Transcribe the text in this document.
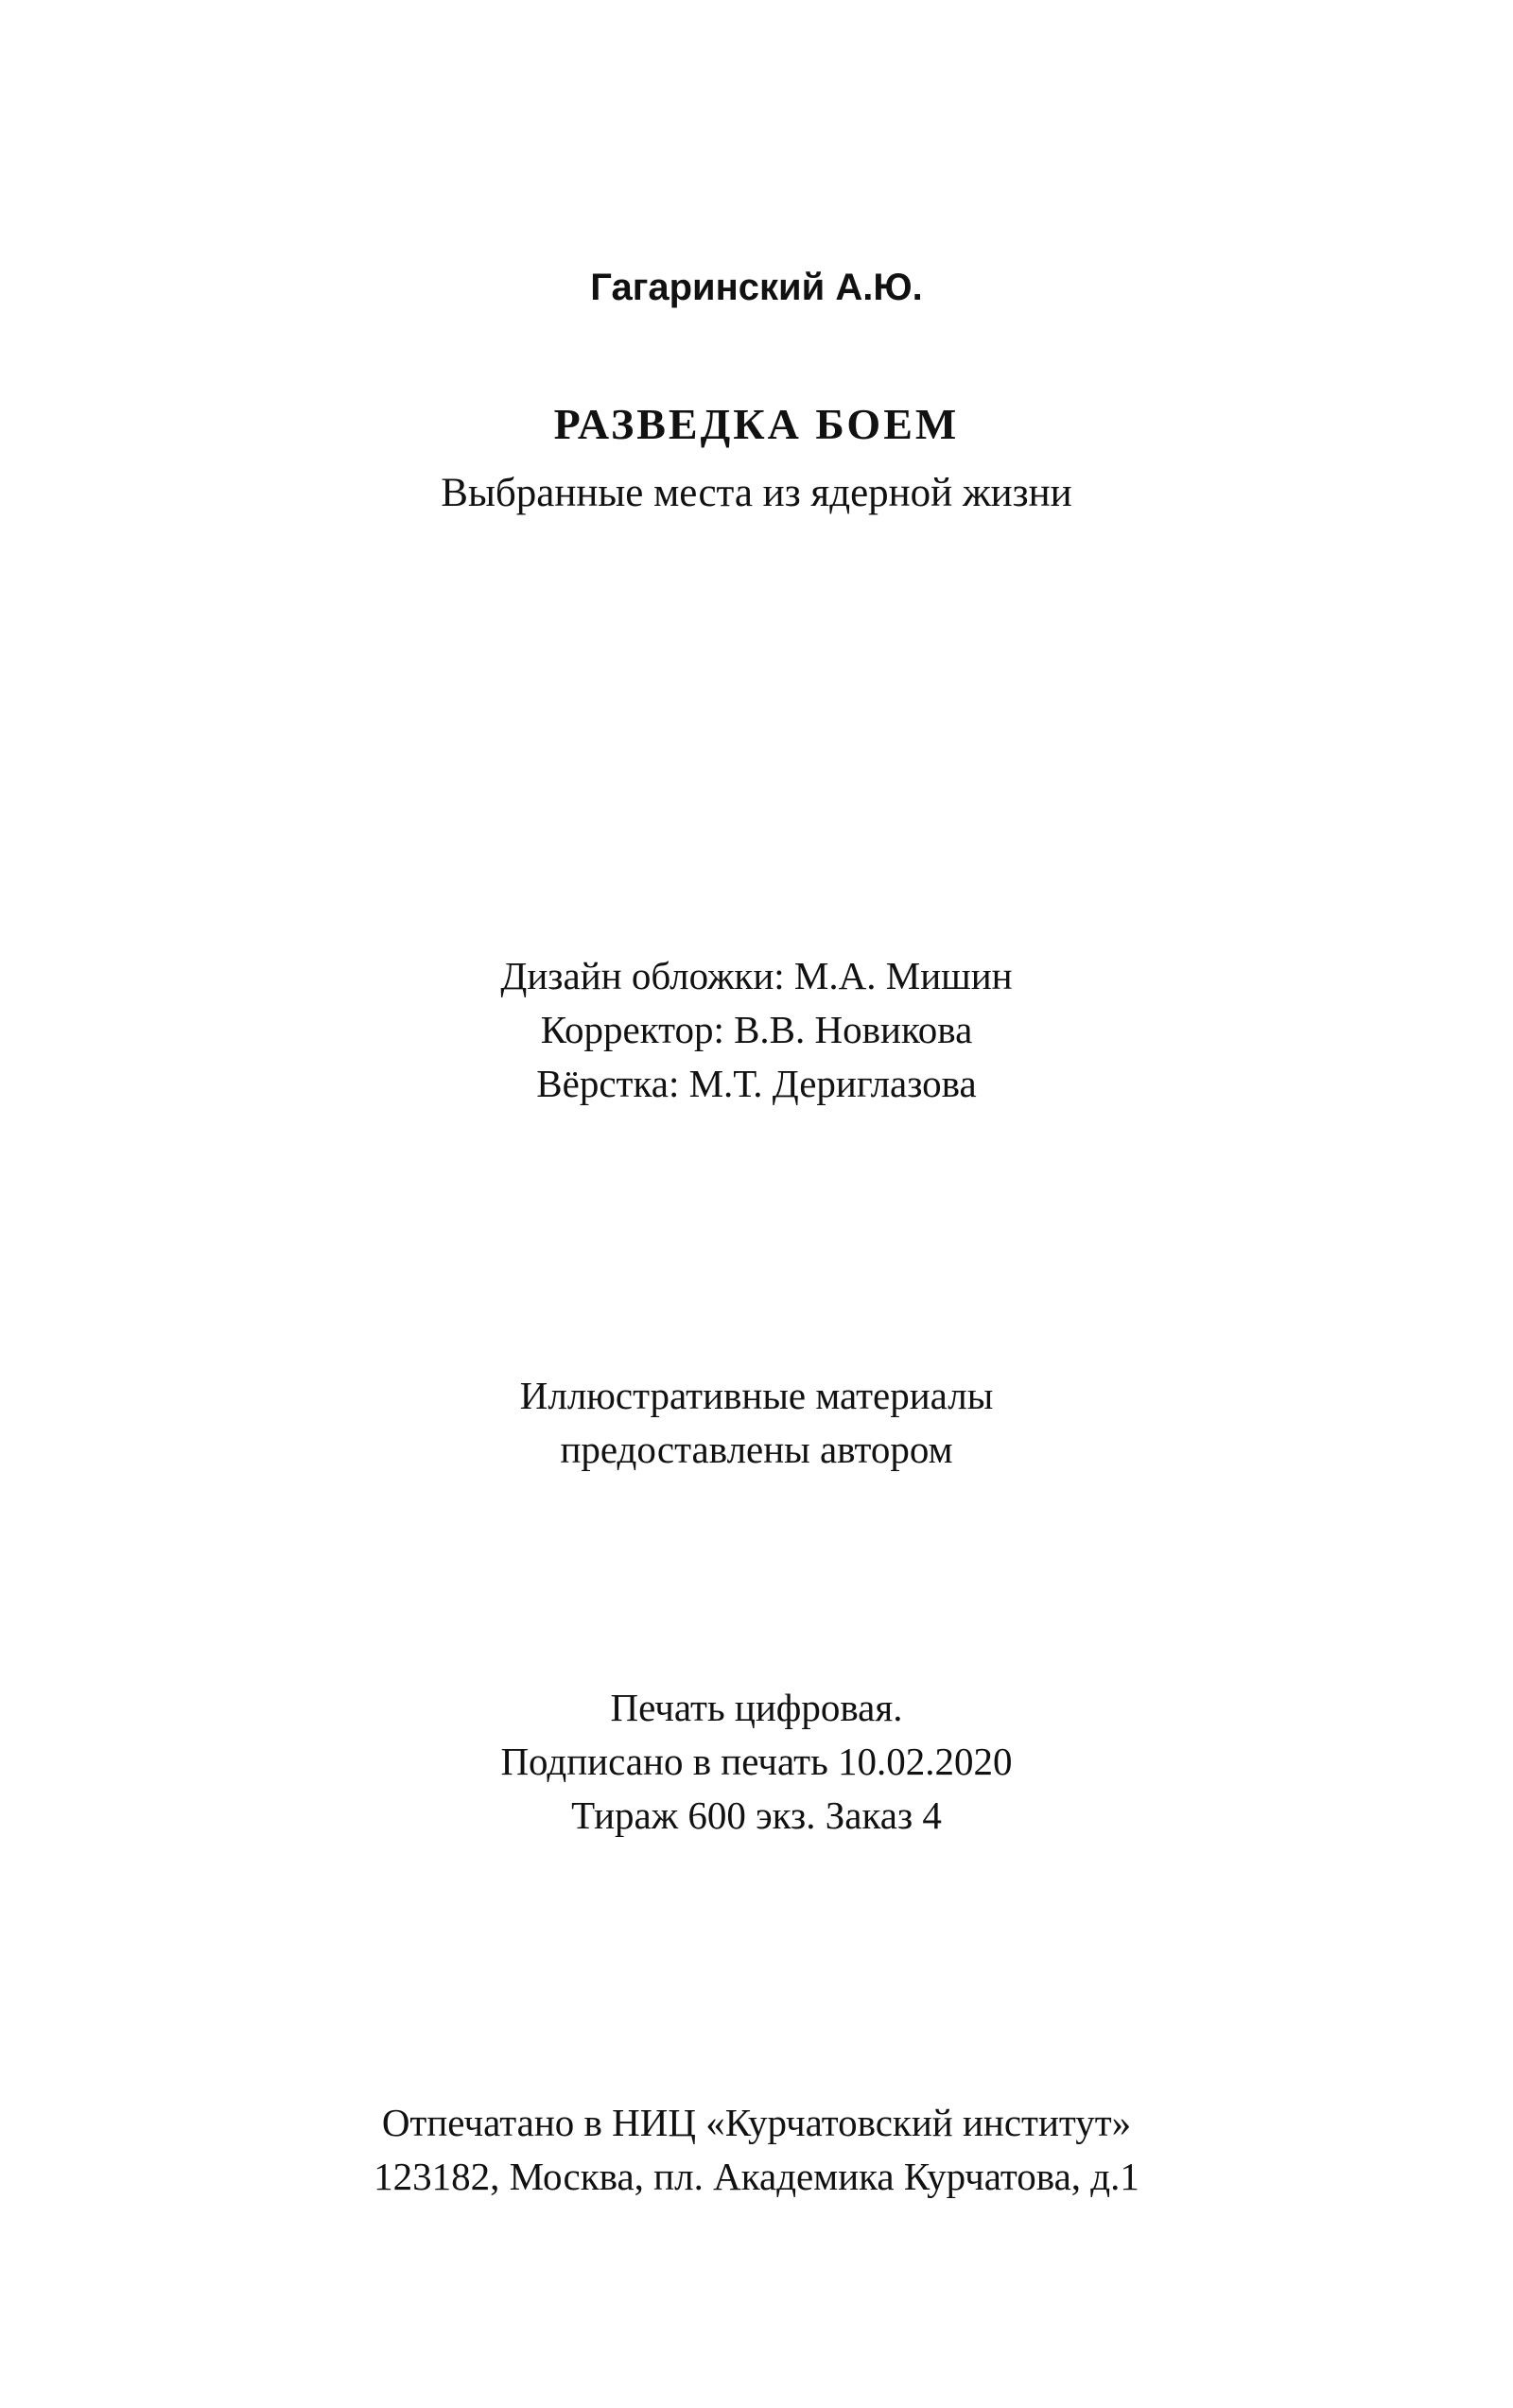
Гагаринский А.Ю.
РАЗВЕДКА БОЕМ
Выбранные места из ядерной жизни
Дизайн обложки: М.А. Мишин
Корректор: В.В. Новикова
Вёрстка: М.Т. Дериглазова
Иллюстративные материалы
предоставлены автором
Печать цифровая.
Подписано в печать 10.02.2020
Тираж 600 экз. Заказ 4
Отпечатано в НИЦ «Курчатовский институт»
123182, Москва, пл. Академика Курчатова, д.1
